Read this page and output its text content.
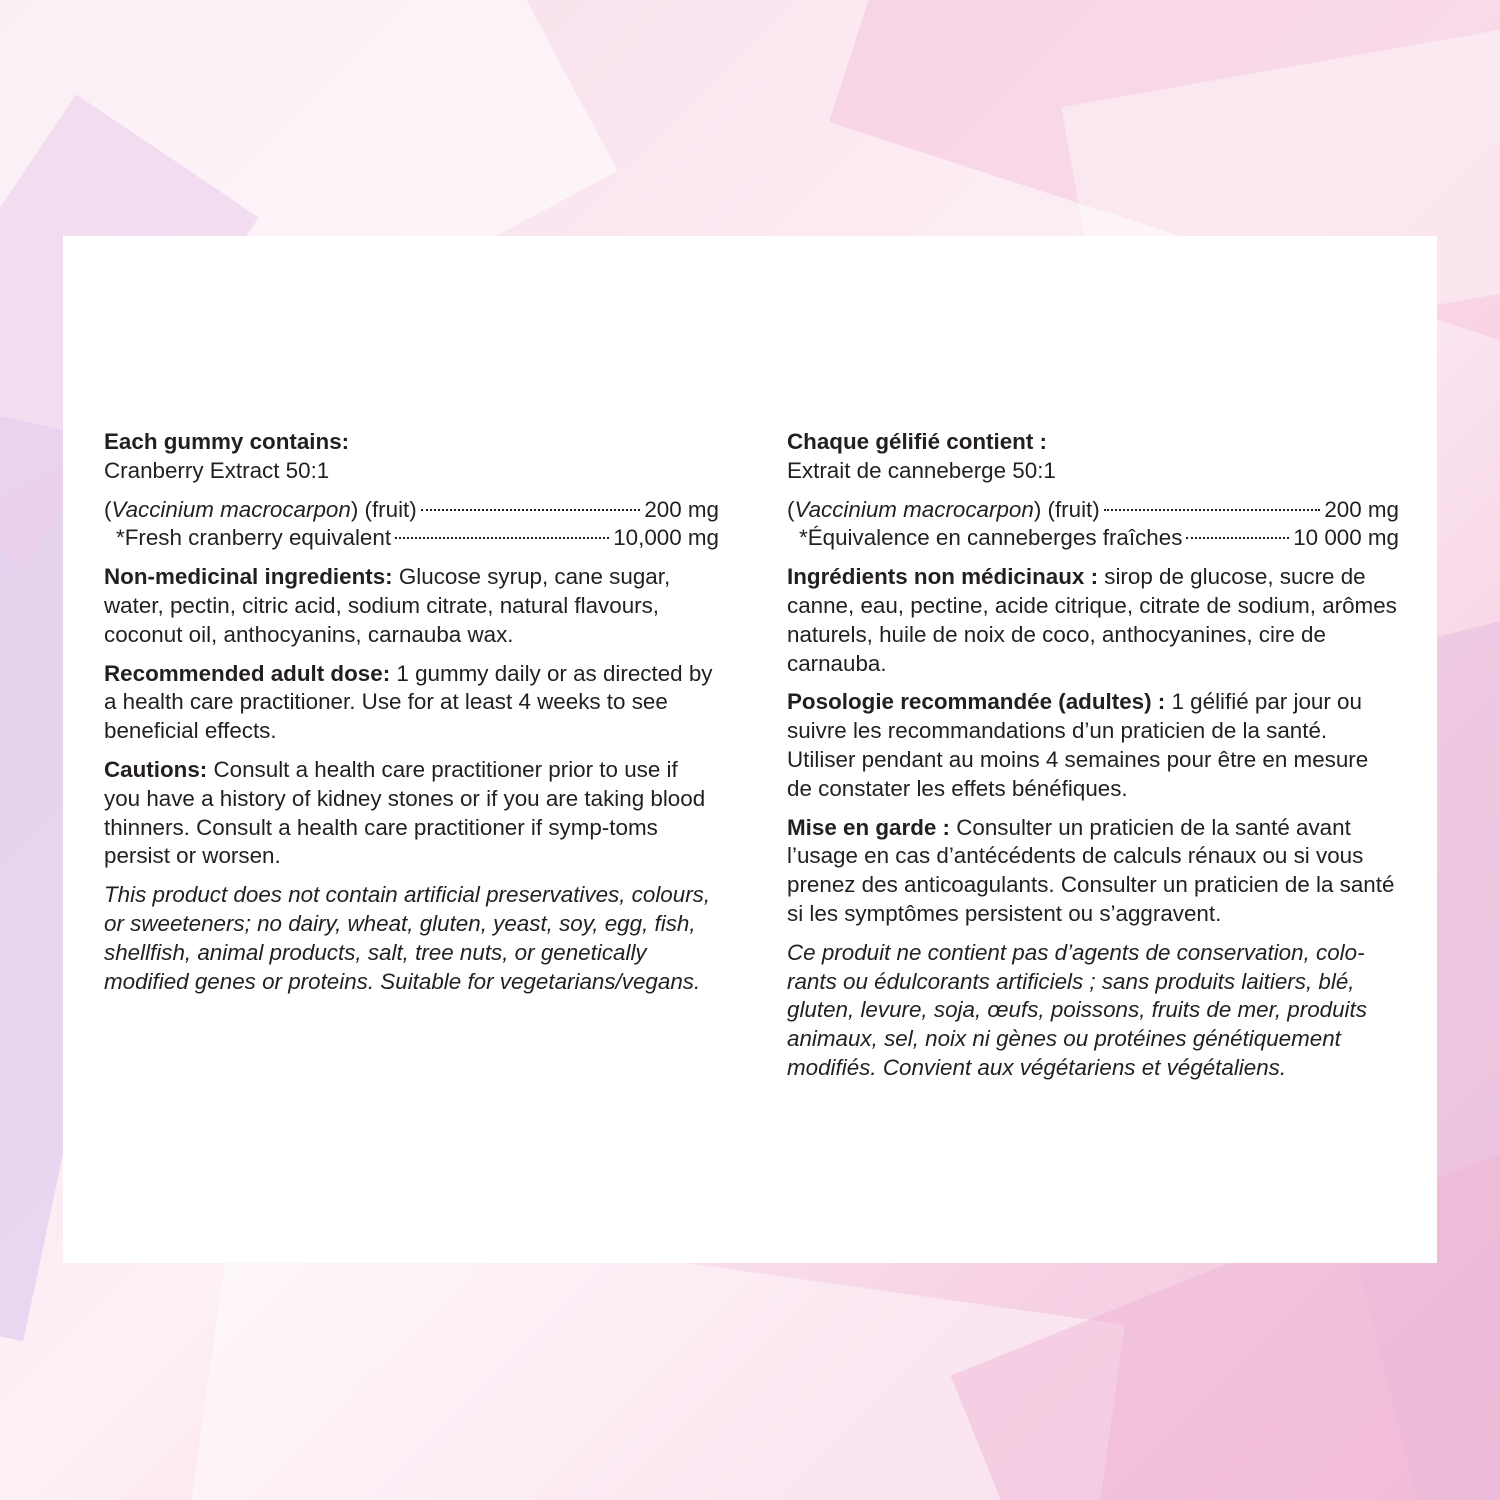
Each gummy contains:

Cranberry Extract 50:1

(Vaccinium macrocarpon) (fruit)	200 mg
*Fresh cranberry equivalent	10,000 mg

Non-medicinal ingredients: Glucose syrup, cane sugar, water, pectin, citric acid, sodium citrate, natural flavours, coconut oil, anthocyanins, carnauba wax.

Recommended adult dose: 1 gummy daily or as directed by a health care practitioner. Use for at least 4 weeks to see beneficial effects.

Cautions: Consult a health care practitioner prior to use if you have a history of kidney stones or if you are taking blood thinners. Consult a health care practitioner if symp-toms persist or worsen.

This product does not contain artificial preservatives, colours, or sweeteners; no dairy, wheat, gluten, yeast, soy, egg, fish, shellfish, animal products, salt, tree nuts, or genetically modified genes or proteins. Suitable for vegetarians/vegans.

Chaque gélifié contient :

Extrait de canneberge 50:1

(Vaccinium macrocarpon) (fruit)	200 mg
*Équivalence en canneberges fraîches	10 000 mg

Ingrédients non médicinaux : sirop de glucose, sucre de canne, eau, pectine, acide citrique, citrate de sodium, arômes naturels, huile de noix de coco, anthocyanines, cire de carnauba.

Posologie recommandée (adultes) : 1 gélifié par jour ou suivre les recommandations d’un praticien de la santé. Utiliser pendant au moins 4 semaines pour être en mesure de constater les effets bénéfiques.

Mise en garde : Consulter un praticien de la santé avant l’usage en cas d’antécédents de calculs rénaux ou si vous prenez des anticoagulants. Consulter un praticien de la santé si les symptômes persistent ou s’aggravent.

Ce produit ne contient pas d’agents de conservation, colo-rants ou édulcorants artificiels ; sans produits laitiers, blé, gluten, levure, soja, œufs, poissons, fruits de mer, produits animaux, sel, noix ni gènes ou protéines génétiquement modifiés. Convient aux végétariens et végétaliens.
